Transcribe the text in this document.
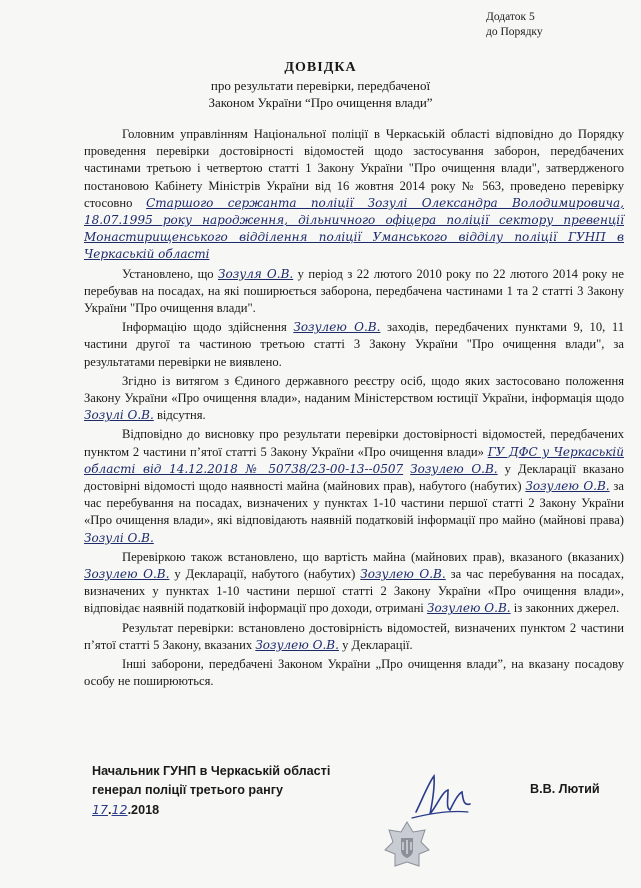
Додаток 5
до Порядку
ДОВІДКА
про результати перевірки, передбаченої
Законом України “Про очищення влади”

Головним управлінням Національної поліції в Черкаській області відповідно до Порядку проведення перевірки достовірності відомостей щодо застосування заборон, передбачених частинами третьою і четвертою статті 1 Закону України "Про очищення влади", затвердженого постановою Кабінету Міністрів України від 16 жовтня 2014 року № 563, проведено перевірку стосовно Старшого сержанта поліції Зозулі Олександра Володимировича, 18.07.1995 року народження, дільничного офіцера поліції сектору превенції Монастирищенського відділення поліції Уманського відділу поліції ГУНП в Черкаській області

Установлено, що Зозуля О.В. у період з 22 лютого 2010 року по 22 лютого 2014 року не перебував на посадах, на які поширюється заборона, передбачена частинами 1 та 2 статті 3 Закону України "Про очищення влади".

Інформацію щодо здійснення Зозулею О.В. заходів, передбачених пунктами 9, 10, 11 частини другої та частиною третьою статті 3 Закону України "Про очищення влади", за результатами перевірки не виявлено.

Згідно із витягом з Єдиного державного реєстру осіб, щодо яких застосовано положення Закону України «Про очищення влади», наданим Міністерством юстиції України, інформація щодо Зозулі О.В. відсутня.

Відповідно до висновку про результати перевірки достовірності відомостей, передбачених пунктом 2 частини п’ятої статті 5 Закону України «Про очищення влади» ГУ ДФС у Черкаській області від 14.12.2018 № 50738/23-00-13--0507 Зозулею О.В. у Декларації вказано достовірні відомості щодо наявності майна (майнових прав), набутого (набутих) Зозулею О.В. за час перебування на посадах, визначених у пунктах 1-10 частини першої статті 2 Закону України «Про очищення влади», які відповідають наявній податковій інформації про майно (майнові права) Зозулі О.В.

Перевіркою також встановлено, що вартість майна (майнових прав), вказаного (вказаних) Зозулею О.В. у Декларації, набутого (набутих) Зозулею О.В. за час перебування на посадах, визначених у пунктах 1-10 частини першої статті 2 Закону України «Про очищення влади», відповідає наявній податковій інформації про доходи, отримані Зозулею О.В. із законних джерел.

Результат перевірки: встановлено достовірність відомостей, визначених пунктом 2 частини п’ятої статті 5 Закону, вказаних Зозулею О.В. у Декларації.

Інші заборони, передбачені Законом України „Про очищення влади”, на вказану посадову особу не поширюються.

Начальник ГУНП в Черкаській області
генерал поліції третього рангу
17.12.2018
В.В. Лютий
